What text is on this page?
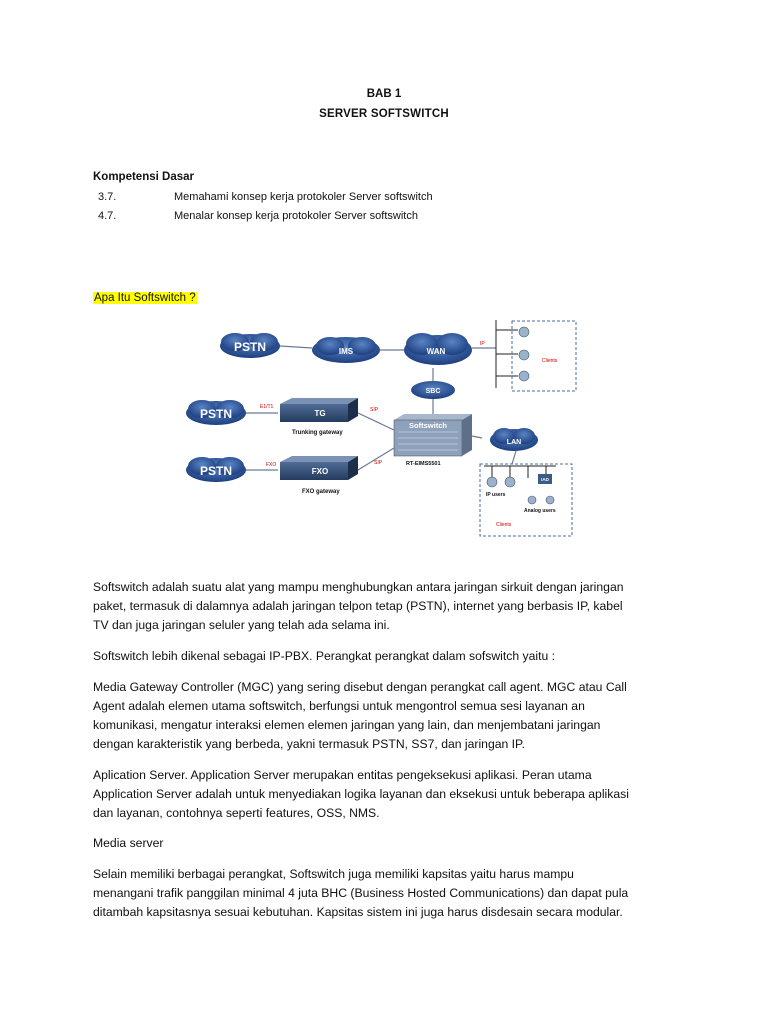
BAB 1
SERVER SOFTSWITCH
Kompetensi Dasar
3.7.	Memahami konsep kerja protokoler Server softswitch
4.7.	Menalar konsep kerja protokoler Server softswitch
Apa Itu Softswitch ?
PSTN
PSTN
PSTN
IMS	WAN
IP
SBC
TG
Trunking gateway
E1/T1	SIP
FXO
FXO gateway
FXO	SIP
Softswitch
RT-EIMS5501
LAN
Clients
IAD
IP users
Analog users
Clients
Softswitch adalah suatu alat yang mampu menghubungkan antara jaringan sirkuit dengan jaringan
paket, termasuk di dalamnya adalah jaringan telpon tetap (PSTN), internet yang berbasis IP, kabel
TV dan juga jaringan seluler yang telah ada selama ini.
Softswitch lebih dikenal sebagai IP-PBX. Perangkat perangkat dalam sofswitch yaitu :
Media Gateway Controller (MGC) yang sering disebut dengan perangkat call agent. MGC atau Call
Agent adalah elemen utama softswitch, berfungsi untuk mengontrol semua sesi layanan an
komunikasi, mengatur interaksi elemen elemen jaringan yang lain, dan menjembatani jaringan
dengan karakteristik yang berbeda, yakni termasuk PSTN, SS7, dan jaringan IP.
Aplication Server. Application Server merupakan entitas pengeksekusi aplikasi. Peran utama
Application Server adalah untuk menyediakan logika layanan dan eksekusi untuk beberapa aplikasi
dan layanan, contohnya seperti features, OSS, NMS.
Media server
Selain memiliki berbagai perangkat, Softswitch juga memiliki kapsitas yaitu harus mampu
menangani trafik panggilan minimal 4 juta BHC (Business Hosted Communications) dan dapat pula
ditambah kapsitasnya sesuai kebutuhan. Kapsitas sistem ini juga harus disdesain secara modular.
